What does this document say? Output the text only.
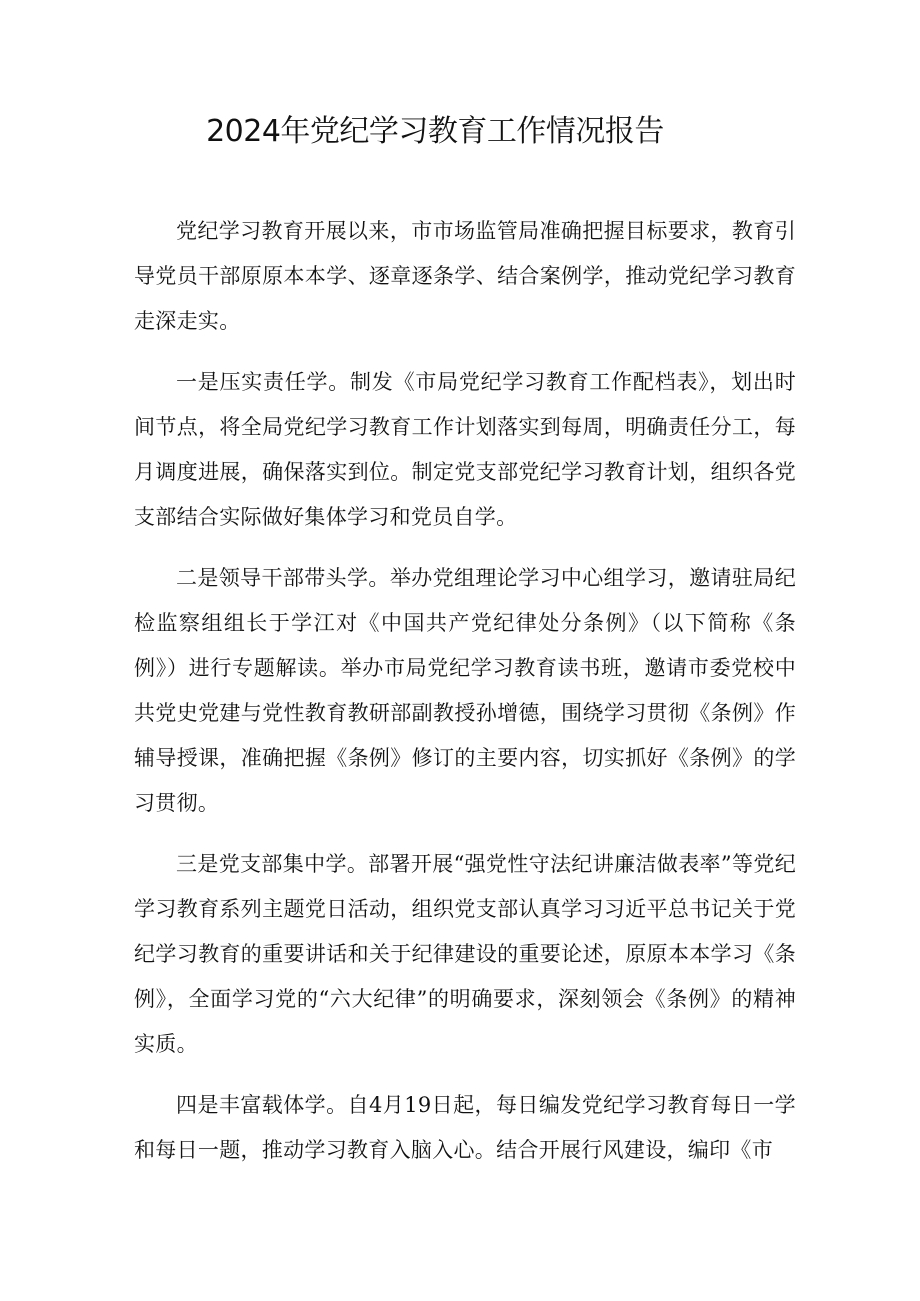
2024年党纪学习教育工作情况报告

党纪学习教育开展以来，市市场监管局准确把握目标要求，教育引导党员干部原原本本学、逐章逐条学、结合案例学，推动党纪学习教育走深走实。

一是压实责任学。制发《市局党纪学习教育工作配档表》，划出时间节点，将全局党纪学习教育工作计划落实到每周，明确责任分工，每月调度进展，确保落实到位。制定党支部党纪学习教育计划，组织各党支部结合实际做好集体学习和党员自学。

二是领导干部带头学。举办党组理论学习中心组学习，邀请驻局纪检监察组组长于学江对《中国共产党纪律处分条例》（以下简称《条例》）进行专题解读。举办市局党纪学习教育读书班，邀请市委党校中共党史党建与党性教育教研部副教授孙增德，围绕学习贯彻《条例》作辅导授课，准确把握《条例》修订的主要内容，切实抓好《条例》的学习贯彻。

三是党支部集中学。部署开展“强党性守法纪讲廉洁做表率”等党纪学习教育系列主题党日活动，组织党支部认真学习习近平总书记关于党纪学习教育的重要讲话和关于纪律建设的重要论述，原原本本学习《条例》，全面学习党的“六大纪律”的明确要求，深刻领会《条例》的精神实质。

四是丰富载体学。自4月19日起，每日编发党纪学习教育每日一学和每日一题，推动学习教育入脑入心。结合开展行风建设，编印《市
